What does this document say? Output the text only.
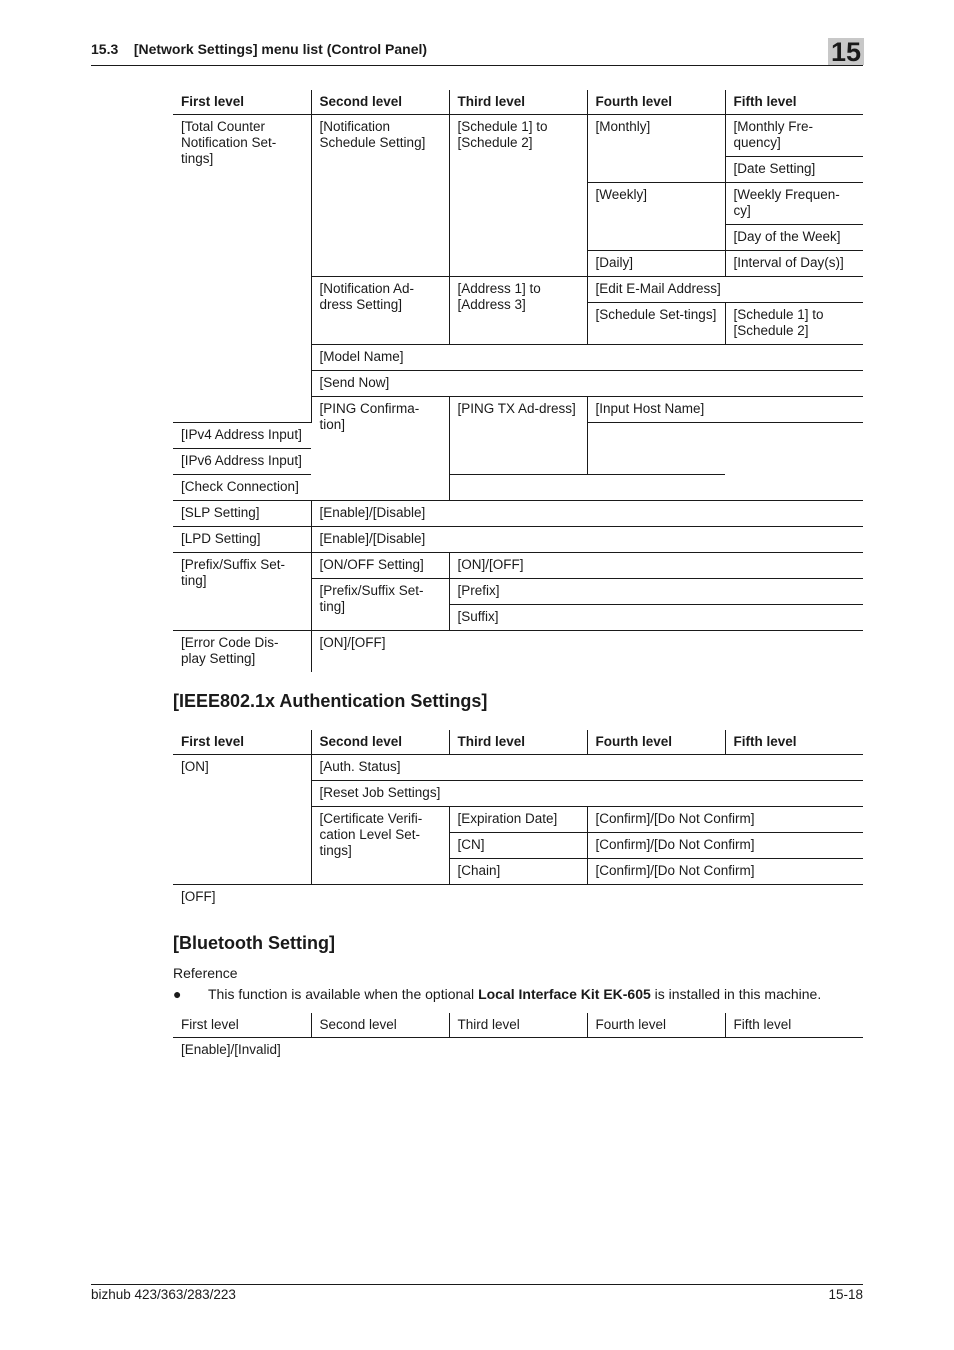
15.3 [Network Settings] menu list (Control Panel)	15
First level	Second level	Third level	Fourth level	Fifth level
[Total Counter Notification Set-tings]	[Notification Schedule Setting]	[Schedule 1] to [Schedule 2]	[Monthly]	[Monthly Fre-quency]
				[Date Setting]
			[Weekly]	[Weekly Frequen-cy]
				[Day of the Week]
			[Daily]	[Interval of Day(s)]
	[Notification Ad-dress Setting]	[Address 1] to [Address 3]	[Edit E-Mail Address]	
			[Schedule Set-tings]	[Schedule 1] to [Schedule 2]
	[Model Name]			
	[Send Now]			
	[PING Confirma-tion]	[PING TX Ad-dress]	[Input Host Name]	
[IPv4 Address Input]				
[IPv6 Address Input]				
[Check Connection]				
[SLP Setting]	[Enable]/[Disable]			
[LPD Setting]	[Enable]/[Disable]			
[Prefix/Suffix Set-ting]	[ON/OFF Setting]	[ON]/[OFF]		
	[Prefix/Suffix Set-ting]	[Prefix]		
		[Suffix]		
[Error Code Dis-play Setting]	[ON]/[OFF]			
[IEEE802.1x Authentication Settings]
First level	Second level	Third level	Fourth level	Fifth level
[ON]	[Auth. Status]			
	[Reset Job Settings]			
	[Certificate Verifi-cation Level Set-tings]	[Expiration Date]	[Confirm]/[Do Not Confirm]	
		[CN]	[Confirm]/[Do Not Confirm]	
		[Chain]	[Confirm]/[Do Not Confirm]	
[OFF]				
[Bluetooth Setting]
Reference
● This function is available when the optional Local Interface Kit EK-605 is installed in this machine.
First level	Second level	Third level	Fourth level	Fifth level
[Enable]/[Invalid]
bizhub 423/363/283/223	15-18
